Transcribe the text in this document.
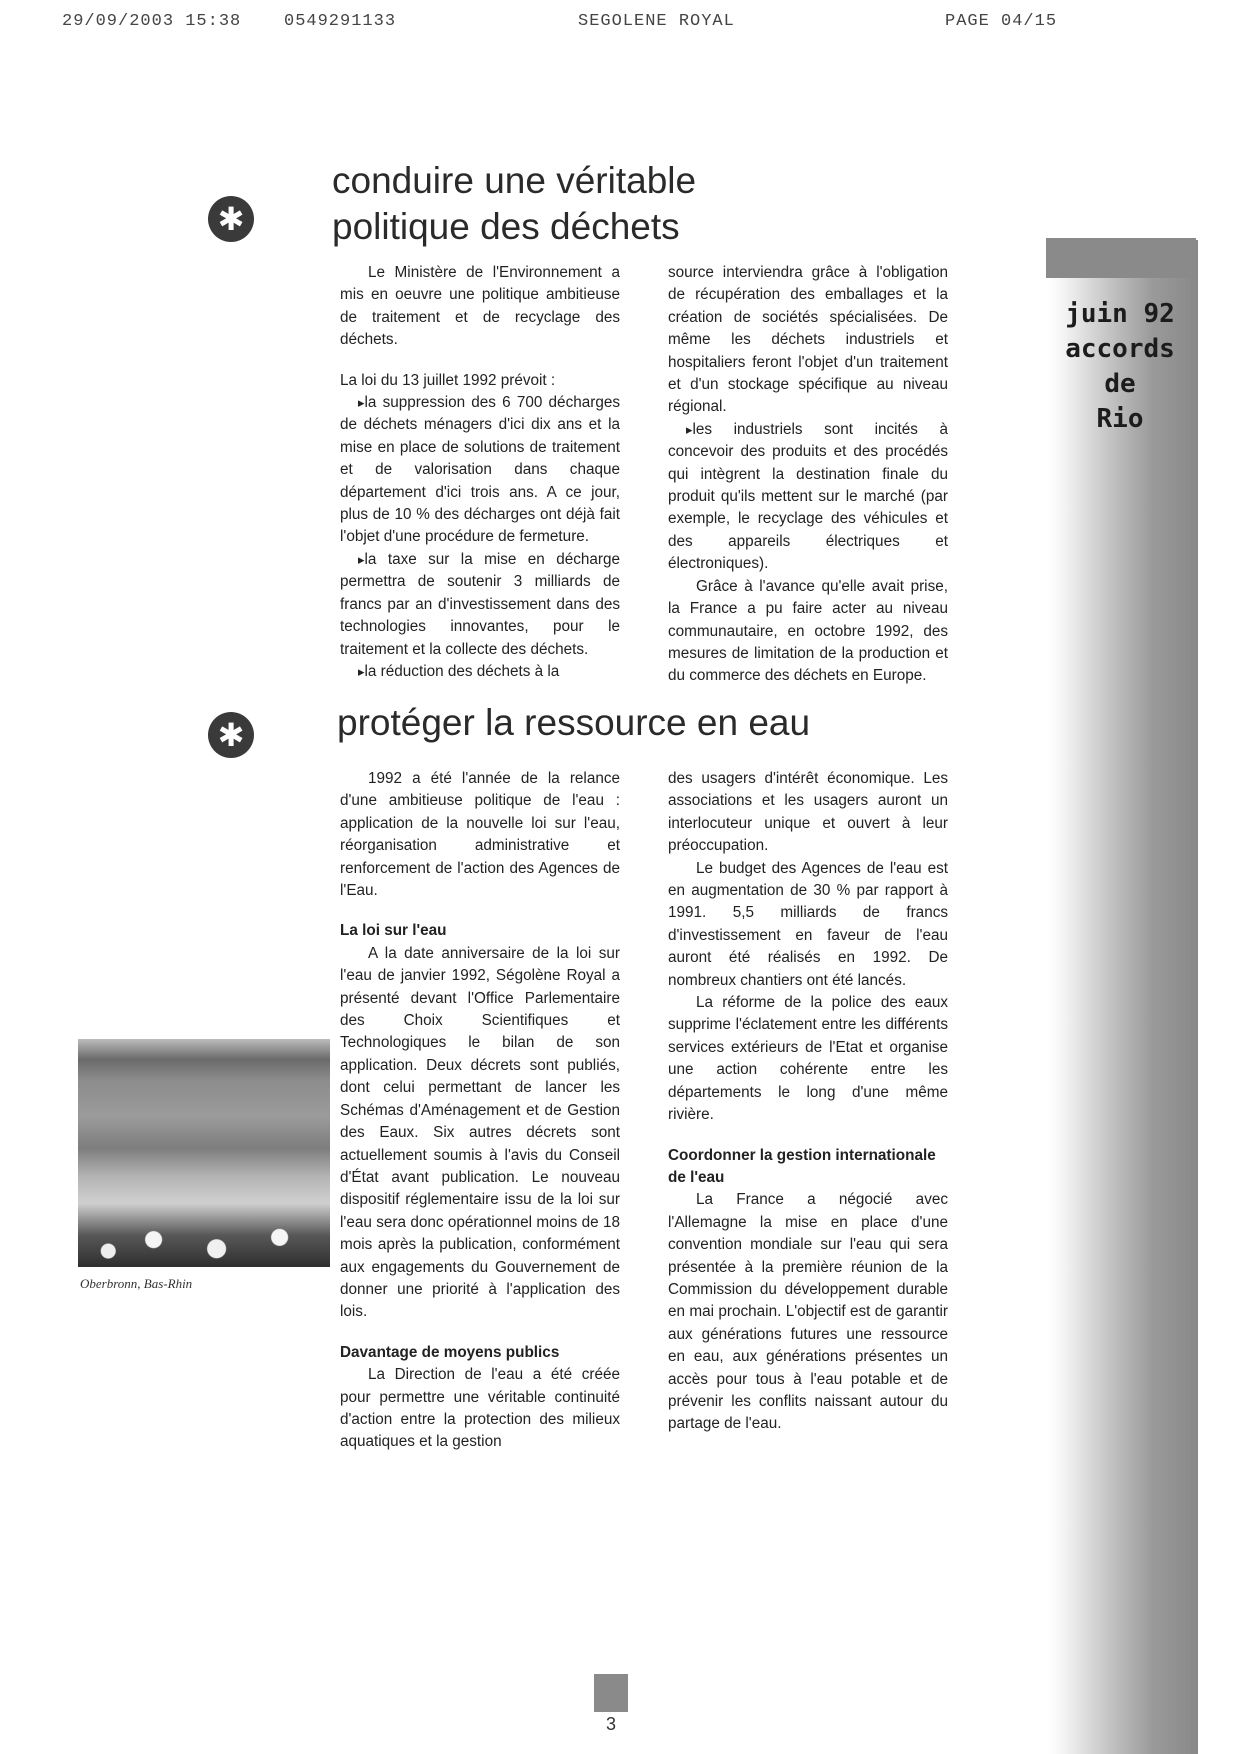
29/09/2003 15:38	0549291133	SEGOLENE ROYAL	PAGE 04/15
juin 92
accords
de
Rio
✱
conduire une véritable
politique des déchets

Le Ministère de l'Environnement a mis en oeuvre une politique ambitieuse de traitement et de recyclage des déchets.

La loi du 13 juillet 1992 prévoit :

▸ la suppression des 6 700 décharges de déchets ménagers d'ici dix ans et la mise en place de solutions de traitement et de valorisation dans chaque département d'ici trois ans. A ce jour, plus de 10 % des décharges ont déjà fait l'objet d'une procédure de fermeture.

▸ la taxe sur la mise en décharge permettra de soutenir 3 milliards de francs par an d'investissement dans des technologies innovantes, pour le traitement et la collecte des déchets.

▸ la réduction des déchets à la

source interviendra grâce à l'obligation de récupération des emballages et la création de sociétés spécialisées. De même les déchets industriels et hospitaliers feront l'objet d'un traitement et d'un stockage spécifique au niveau régional.

▸ les industriels sont incités à concevoir des produits et des procédés qui intègrent la destination finale du produit qu'ils mettent sur le marché (par exemple, le recyclage des véhicules et des appareils électriques et électroniques).

Grâce à l'avance qu'elle avait prise, la France a pu faire acter au niveau communautaire, en octobre 1992, des mesures de limitation de la production et du commerce des déchets en Europe.

✱	protéger la ressource en eau
Oberbronn, Bas-Rhin

1992 a été l'année de la relance d'une ambitieuse politique de l'eau : application de la nouvelle loi sur l'eau, réorganisation administrative et renforcement de l'action des Agences de l'Eau.

La loi sur l'eau

A la date anniversaire de la loi sur l'eau de janvier 1992, Ségolène Royal a présenté devant l'Office Parlementaire des Choix Scientifiques et Technologiques le bilan de son application. Deux décrets sont publiés, dont celui permettant de lancer les Schémas d'Aménagement et de Gestion des Eaux. Six autres décrets sont actuellement soumis à l'avis du Conseil d'État avant publication. Le nouveau dispositif réglementaire issu de la loi sur l'eau sera donc opérationnel moins de 18 mois après la publication, conformément aux engagements du Gouvernement de donner une priorité à l'application des lois.

Davantage de moyens publics

La Direction de l'eau a été créée pour permettre une véritable continuité d'action entre la protection des milieux aquatiques et la gestion

des usagers d'intérêt économique. Les associations et les usagers auront un interlocuteur unique et ouvert à leur préoccupation.

Le budget des Agences de l'eau est en augmentation de 30 % par rapport à 1991. 5,5 milliards de francs d'investissement en faveur de l'eau auront été réalisés en 1992. De nombreux chantiers ont été lancés.

La réforme de la police des eaux supprime l'éclatement entre les différents services extérieurs de l'Etat et organise une action cohérente entre les départements le long d'une même rivière.

Coordonner la gestion internationale de l'eau

La France a négocié avec l'Allemagne la mise en place d'une convention mondiale sur l'eau qui sera présentée à la première réunion de la Commission du développement durable en mai prochain. L'objectif est de garantir aux générations futures une ressource en eau, aux générations présentes un accès pour tous à l'eau potable et de prévenir les conflits naissant autour du partage de l'eau.

3
